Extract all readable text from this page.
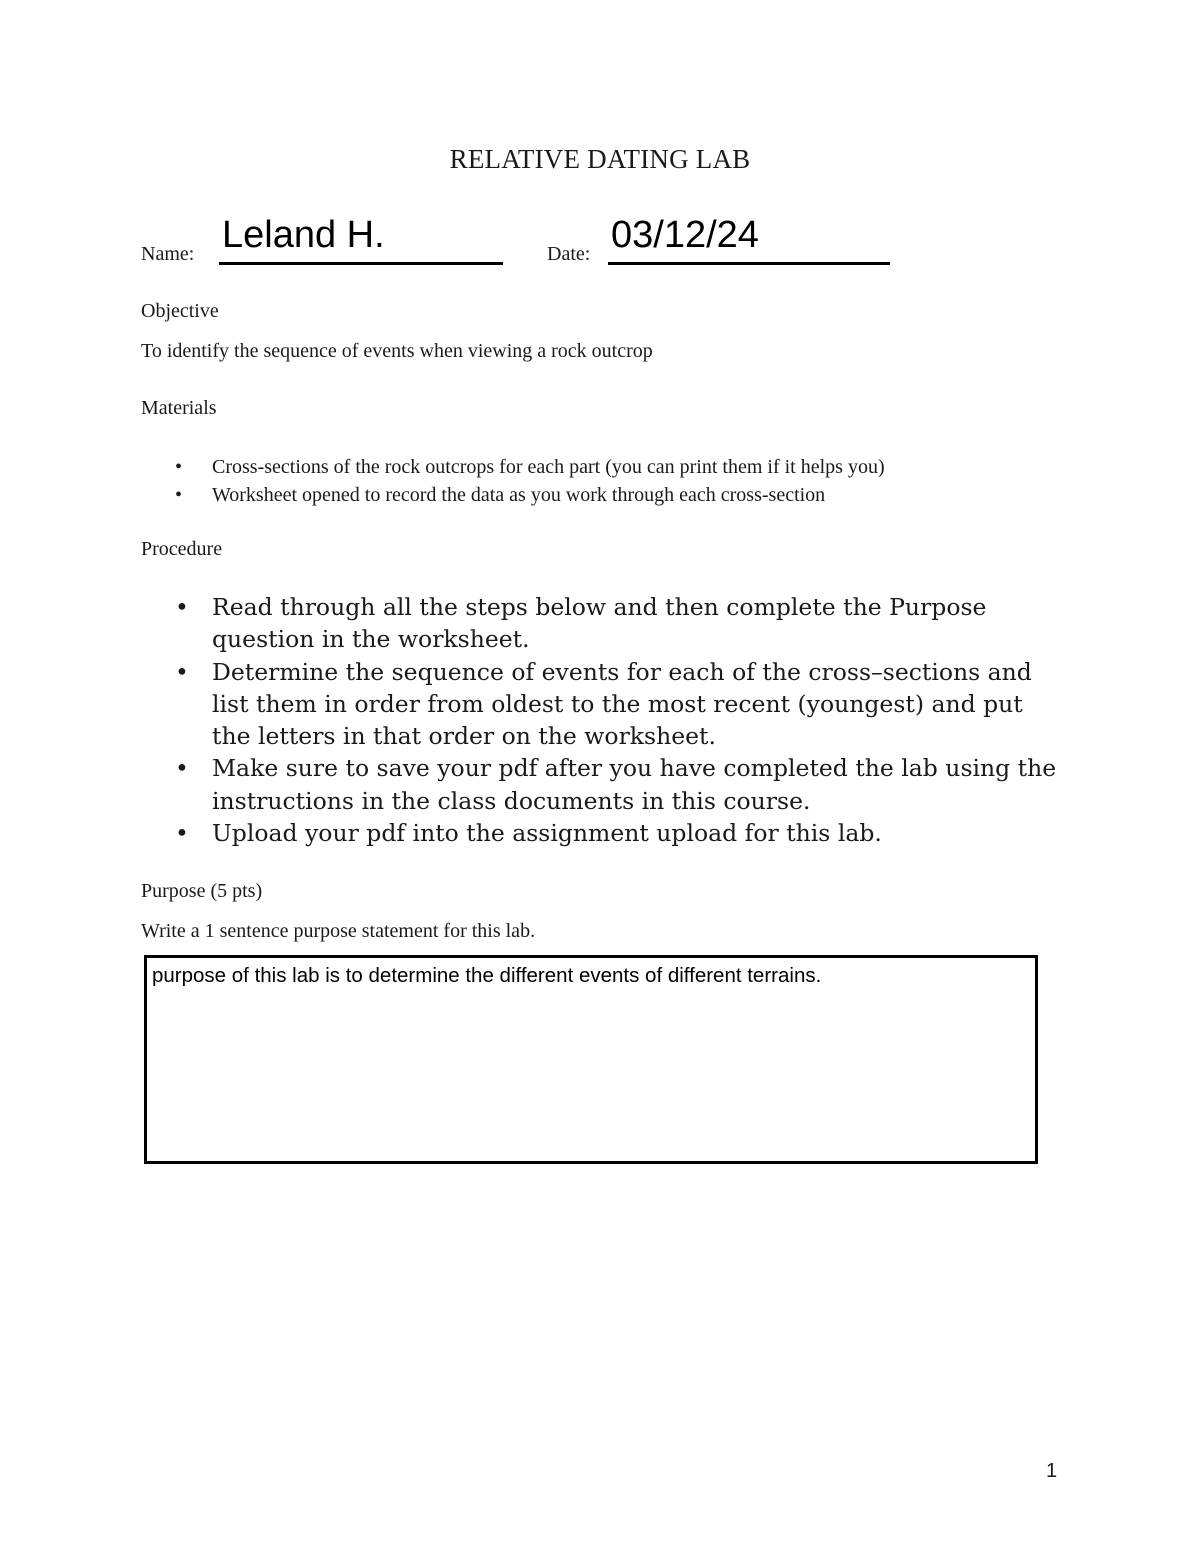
RELATIVE DATING LAB
Name: Leland H.	Date: 03/12/24
Objective
To identify the sequence of events when viewing a rock outcrop
Materials
• Cross-sections of the rock outcrops for each part (you can print them if it helps you)
• Worksheet opened to record the data as you work through each cross-section
Procedure
• Read through all the steps below and then complete the Purpose question in the worksheet.
• Determine the sequence of events for each of the cross–sections and list them in order from oldest to the most recent (youngest) and put the letters in that order on the worksheet.
• Make sure to save your pdf after you have completed the lab using the instructions in the class documents in this course.
• Upload your pdf into the assignment upload for this lab.
Purpose (5 pts)
Write a 1 sentence purpose statement for this lab.
purpose of this lab is to determine the different events of different terrains.
1
